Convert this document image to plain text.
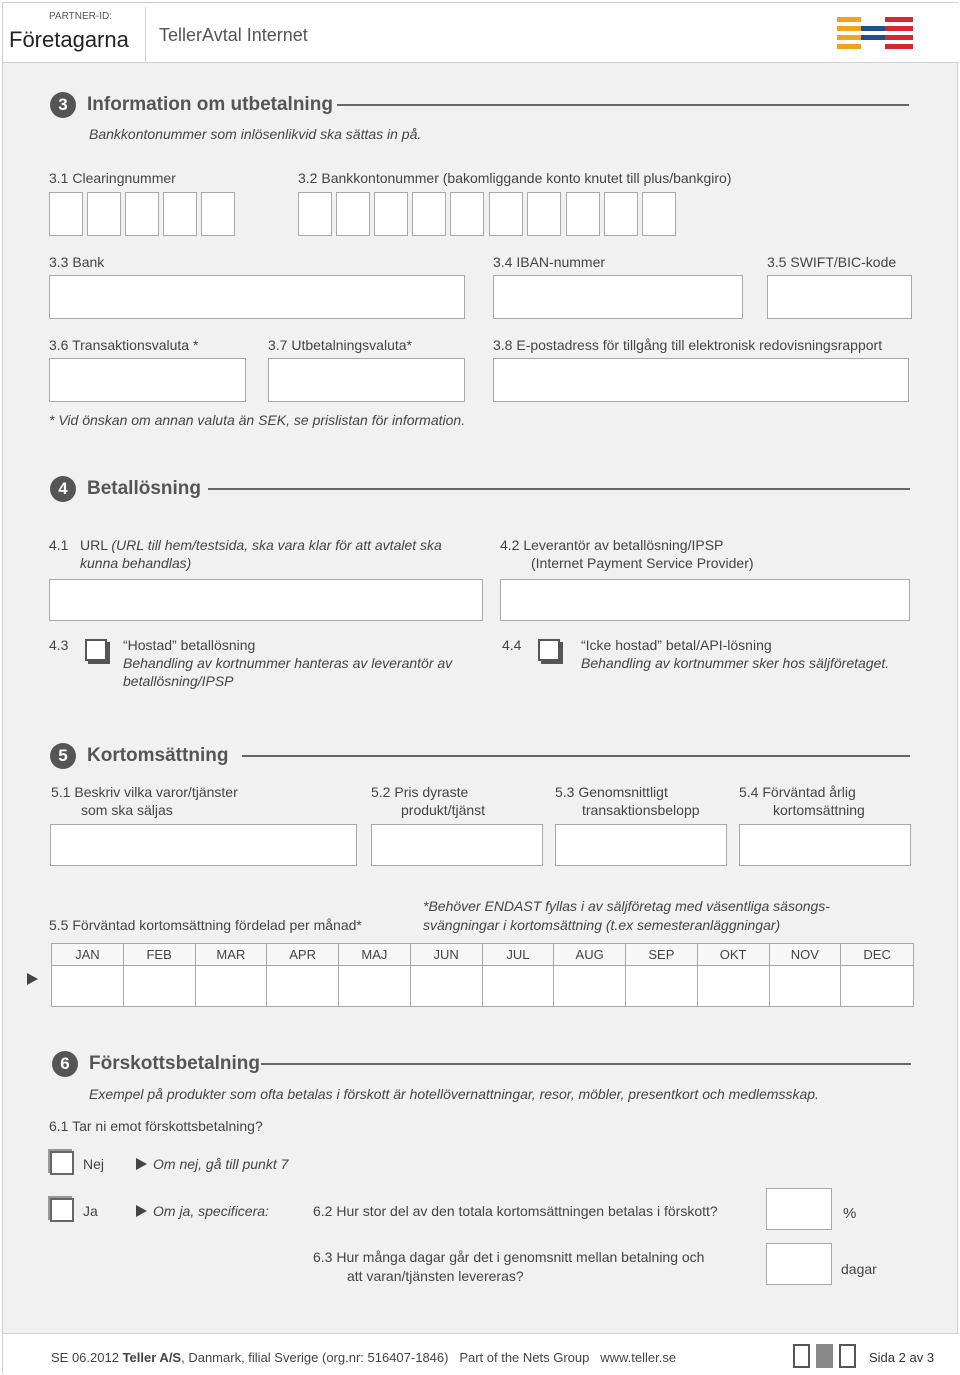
PARTNER-ID:
Företagarna TellerAvtal Internet
3	Information om utbetalning
Bankkontonummer som inlösenlikvid ska sättas in på.
3.1 Clearingnummer	3.2 Bankkontonummer (bakomliggande konto knutet till plus/bankgiro)
3.3 Bank	3.4 IBAN-nummer	3.5 SWIFT/BIC-kode
3.6 Transaktionsvaluta *	3.7 Utbetalningsvaluta*	3.8 E-postadress för tillgång till elektronisk redovisningsrapport
* Vid önskan om annan valuta än SEK, se prislistan för information.
4	Betallösning
4.1 URL (URL till hem/testsida, ska vara klar för att avtalet ska
kunna behandlas)
4.2 Leverantör av betallösning/IPSP
(Internet Payment Service Provider)
4.3	“Hostad” betallösning
Behandling av kortnummer hanteras av leverantör av
betallösning/IPSP
4.4	“Icke hostad” betal/API-lösning
Behandling av kortnummer sker hos säljföretaget.
5	Kortomsättning
5.1 Beskriv vilka varor/tjänster
som ska säljas
5.2 Pris dyraste
produkt/tjänst
5.3 Genomsnittligt
transaktionsbelopp
5.4 Förväntad årlig
kortomsättning
5.5 Förväntad kortomsättning fördelad per månad*
*Behöver ENDAST fyllas i av säljföretag med väsentliga säsongs-
svängningar i kortomsättning (t.ex semesteranläggningar)
JAN	FEB	MAR	APR	MAJ	JUN	JUL	AUG	SEP	OKT	NOV	DEC
6	Förskottsbetalning
Exempel på produkter som ofta betalas i förskott är hotellövernattningar, resor, möbler, presentkort och medlemsskap.
6.1 Tar ni emot förskottsbetalning?
Nej	Om nej, gå till punkt 7
Ja	Om ja, specificera:	6.2 Hur stor del av den totala kortomsättningen betalas i förskott?	%
6.3 Hur många dagar går det i genomsnitt mellan betalning och
att varan/tjänsten levereras?	dagar
SE 06.2012 Teller A/S, Danmark, filial Sverige (org.nr: 516407-1846) Part of the Nets Group www.teller.se	Sida 2 av 3
